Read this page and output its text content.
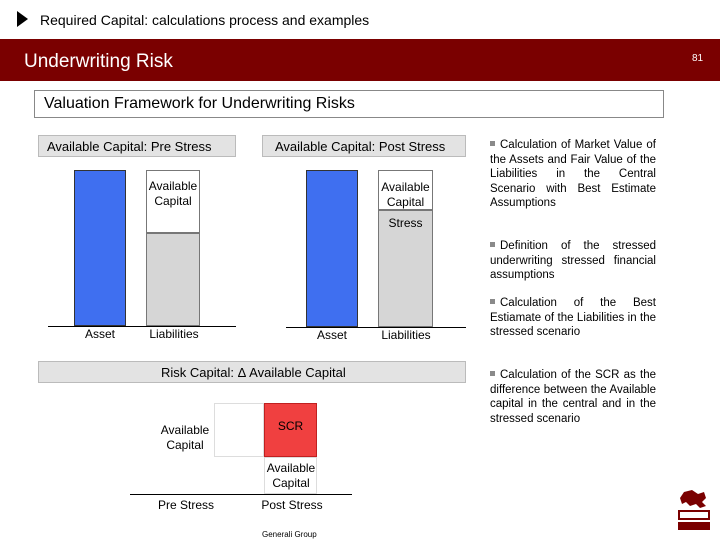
Required Capital: calculations process and examples
Underwriting Risk	81
Valuation Framework for Underwriting Risks
Available Capital: Pre Stress
Available Capital
Asset	Liabilities
Available Capital: Post Stress
Available Capital
Stress
Asset	Liabilities
Risk Capital: Δ Available Capital
Available Capital
SCR
Available Capital
Pre Stress	Post Stress
Calculation of Market Value of the Assets and Fair Value of the Liabilities in the Central Scenario with Best Estimate Assumptions
Definition of the stressed underwriting stressed financial assumptions
Calculation of the Best Estiamate of the Liabilities in the stressed scenario
Calculation of the SCR as the difference between the Available capital in the central and in the stressed scenario
Generali Group
